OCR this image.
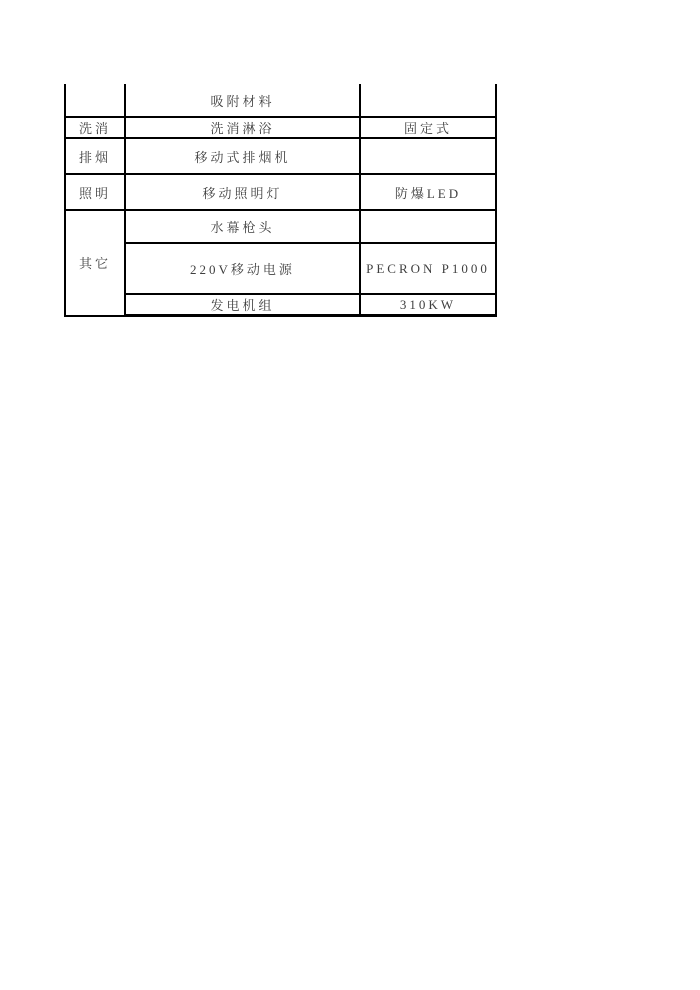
	吸附材料	
洗消	洗消淋浴	固定式
排烟	移动式排烟机	
照明	移动照明灯	防爆LED
其它	水幕枪头	
	220V移动电源	PECRON P1000
	发电机组	310KW
